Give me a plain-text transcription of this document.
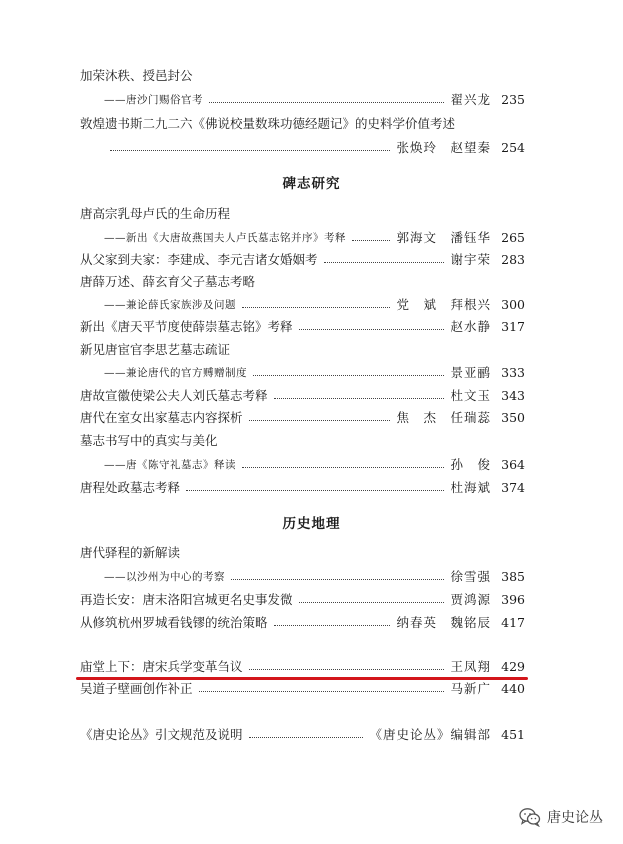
加荣沐秩、授邑封公
——唐沙门赐俗官考	翟兴龙 235
敦煌遗书斯二九二六《佛说校量数珠功德经题记》的史料学价值考述
张焕玲　赵望秦 254
碑志研究
唐高宗乳母卢氏的生命历程
——新出《大唐故燕国夫人卢氏墓志铭并序》考释	郭海文　潘钰华 265
从父家到夫家：李建成、李元吉诸女婚姻考	谢宇荣 283
唐薛万述、薛玄育父子墓志考略
——兼论薛氏家族涉及问题	党　斌　拜根兴 300
新出《唐天平节度使薛崇墓志铭》考释	赵水静 317
新见唐宦官李思艺墓志疏证
——兼论唐代的官方赙赠制度	景亚鹂 333
唐故宣徽使梁公夫人刘氏墓志考释	杜文玉 343
唐代在室女出家墓志内容探析	焦　杰　任瑞蕊 350
墓志书写中的真实与美化
——唐《陈守礼墓志》释读	孙　俊 364
唐程处政墓志考释	杜海斌 374
历史地理
唐代驿程的新解读
——以沙州为中心的考察	徐雪强 385
再造长安：唐末洛阳宫城更名史事发微	贾鸿源 396
从修筑杭州罗城看钱镠的统治策略	纳春英　魏铭辰 417
庙堂上下：唐宋兵学变革刍议	王凤翔 429
吴道子壁画创作补正	马新广 440
《唐史论丛》引文规范及说明	《唐史论丛》编辑部 451
唐史论丛
